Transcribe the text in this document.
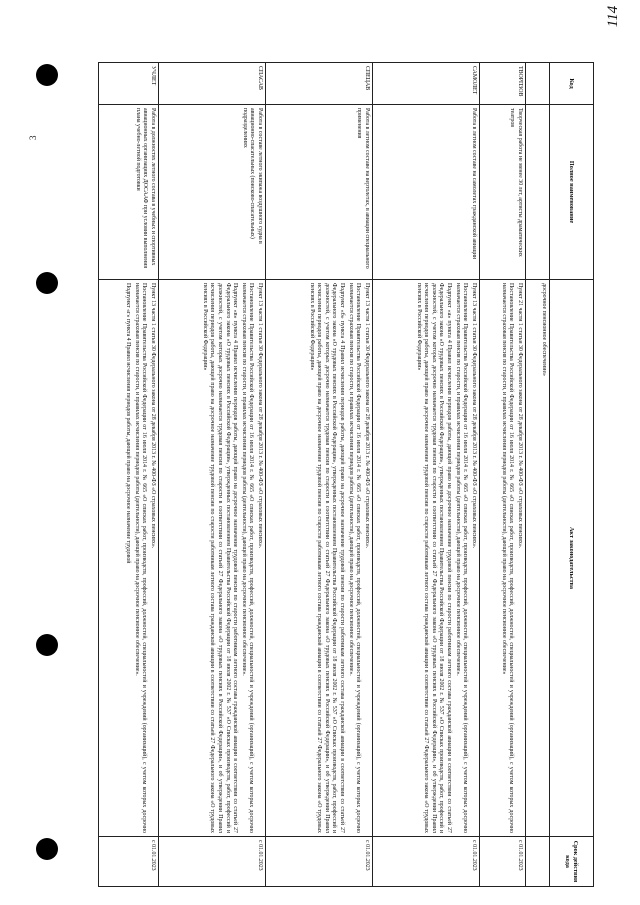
114
3
Код	Полное наименование	Акт законодательства	Срок действия кода
		досрочное пенсионное обеспечение»	
ТВОРПЗОВ	Творческая работа не менее 30 лет, артисты драматических театров	Пункт 21 части 1 статьи 30 Федерального закона от 28 декабря 2013 г. № 400-ФЗ «О страховых пенсиях».

Постановление Правительства Российской Федерации от 16 июля 2014 г. № 665 «О списках работ, производств, профессий, должностей, специальностей и учреждений (организаций), с учетом которых досрочно назначается страховая пенсия по старости, и правилах исчисления периодов работы (деятельности), дающей право на досрочное пенсионное обеспечение»	с 01.01.2023
САМОЛЕТ	Работа в летном составе на самолетах гражданской авиации	Пункт 13 части 1 статьи 30 Федерального закона от 28 декабря 2013 г. № 400-ФЗ «О страховых пенсиях».

Постановление Правительства Российской Федерации от 16 июля 2014 г. № 665 «О списках работ, производств, профессий, должностей, специальностей и учреждений (организаций), с учетом которых досрочно назначается страховая пенсия по старости, и правилах исчисления периодов работы (деятельности), дающей право на досрочное пенсионное обеспечение».

Подпункт «а» пункта 4 Правил исчисления периодов работы, дающей право на досрочное назначение трудовой пенсии по старости работникам летного состава гражданской авиации в соответствии со статьей 27 Федерального закона «О трудовых пенсиях в Российской Федерации», утвержденных постановлением Правительства Российской Федерации от 18 июля 2002 г. № 537 «О Списках производств, работ, профессий и должностей, с учетом которых досрочно назначается трудовая пенсия по старости в соответствии со статьей 27 Федерального закона «О трудовых пенсиях в Российской Федерации», и об утверждении Правил исчисления периодов работы, дающей право на досрочное назначение трудовой пенсии по старости работникам летного состава гражданской авиации в соответствии со статьей 27 Федерального закона «О трудовых пенсиях в Российской Федерации»	с 01.01.2023
СПЕЦАВ	Работа в летном составе на вертолетах, в авиации специального применения	Пункт 13 части 1 статьи 30 Федерального закона от 28 декабря 2013 г. № 400-ФЗ «О страховых пенсиях».

Постановление Правительства Российской Федерации от 16 июля 2014 г. № 665 «О списках работ, производств, профессий, должностей, специальностей и учреждений (организаций), с учетом которых досрочно назначается страховая пенсия по старости, и правилах исчисления периодов работы (деятельности), дающей право на досрочное пенсионное обеспечение».

Подпункт «б» пункта 4 Правил исчисления периодов работы, дающей право на досрочное назначение трудовой пенсии по старости работникам летного состава гражданской авиации в соответствии со статьей 27 Федерального закона «О трудовых пенсиях в Российской Федерации», утвержденных постановлением Правительства Российской Федерации от 18 июля 2002 г. № 537 «О Списках производств, работ, профессий и должностей, с учетом которых досрочно назначается трудовая пенсия по старости в соответствии со статьей 27 Федерального закона «О трудовых пенсиях в Российской Федерации», и об утверждении Правил исчисления периодов работы, дающей право на досрочное назначение трудовой пенсии по старости работникам летного состава гражданской авиации в соответствии со статьей 27 Федерального закона «О трудовых пенсиях в Российской Федерации»	с 01.01.2023
СПАСАВ	Работа в составе летного экипажа воздушного судна в авиационно-спасательных (поисково-спасательных) подразделениях	Пункт 13 части 1 статьи 30 Федерального закона от 28 декабря 2013 г. № 400-ФЗ «О страховых пенсиях».

Постановление Правительства Российской Федерации от 16 июля 2014 г. № 665 «О списках работ, производств, профессий, должностей, специальностей и учреждений (организаций), с учетом которых досрочно назначается страховая пенсия по старости, и правилах исчисления периодов работы (деятельности), дающей право на досрочное пенсионное обеспечение».

Подпункт «в» пункта 4 Правил исчисления периодов работы, дающей право на досрочное назначение трудовой пенсии по старости работникам летного состава гражданской авиации в соответствии со статьей 27 Федерального закона «О трудовых пенсиях в Российской Федерации», утвержденных постановлением Правительства Российской Федерации от 18 июля 2002 г. № 537 «О Списках производств, работ, профессий и должностей, с учетом которых досрочно назначается трудовая пенсия по старости в соответствии со статьей 27 Федерального закона «О трудовых пенсиях в Российской Федерации», и об утверждении Правил исчисления периодов работы, дающей право на досрочное назначение трудовой пенсии по старости работникам летного состава гражданской авиации в соответствии со статьей 27 Федерального закона «О трудовых пенсиях в Российской Федерации»	с 01.01.2023
УЧЛЕТ	Работа в должностях летного состава в учебных и спортивных авиационных организациях ДОСААФ при условии выполнения плана учебно-летной подготовки	Пункт 13 части 1 статьи 30 Федерального закона от 28 декабря 2013 г. № 400-ФЗ «О страховых пенсиях».

Постановление Правительства Российской Федерации от 16 июля 2014 г. № 665 «О списках работ, производств, профессий, должностей, специальностей и учреждений (организаций), с учетом которых досрочно назначается страховая пенсия по старости, и правилах исчисления периодов работы (деятельности), дающей право на досрочное пенсионное обеспечение».

Подпункт «г» пункта 4 Правил исчисления периодов работы, дающей право на досрочное назначение трудовой	с 01.01.2023
